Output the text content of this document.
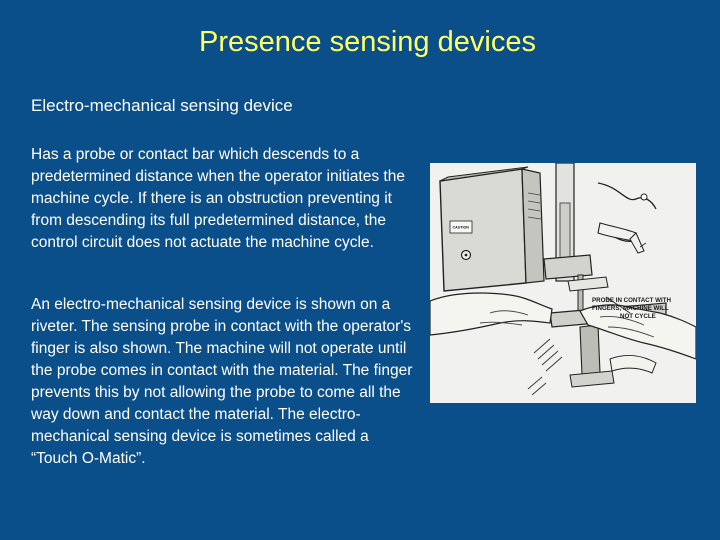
Presence sensing devices

Electro-mechanical sensing device

Has a probe or contact bar which descends to a predetermined distance when the operator initiates the machine cycle. If there is an obstruction preventing it from descending its full predetermined distance, the control circuit does not actuate the machine cycle.

An electro-mechanical sensing device is shown on a riveter. The sensing probe in contact with the operator's finger is also shown. The machine will not operate until the probe comes in contact with the material. The finger prevents this by not allowing the probe to come all the way down and contact the material. The electro-mechanical sensing device is sometimes called a “Touch O-Matic”.

CAUTION
PROBE IN CONTACT WITH
FINGERS, MACHINE WILL
NOT CYCLE
